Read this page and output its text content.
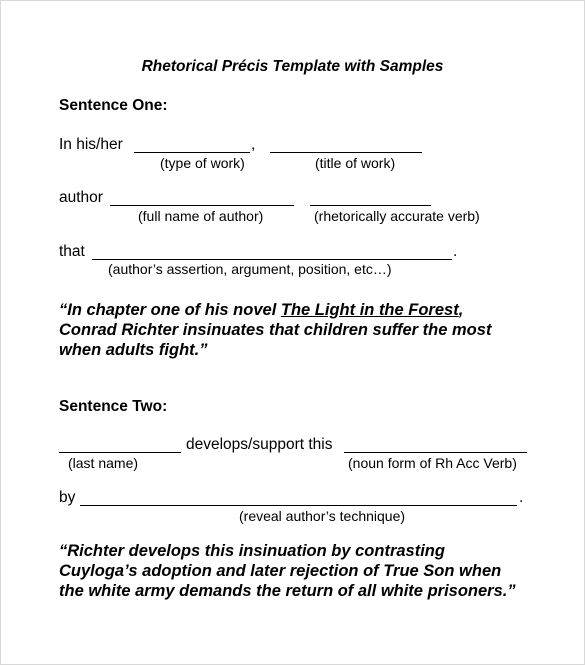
Rhetorical Précis Template with Samples
Sentence One:
In his/her	,
(type of work)	(title of work)
author
(full name of author)	(rhetorically accurate verb)
that	.
(author’s assertion, argument, position, etc…)
“In chapter one of his novel The Light in the Forest, Conrad Richter insinuates that children suffer the most when adults fight.”
Sentence Two:
develops/support this
(last name)	(noun form of Rh Acc Verb)
by	.
(reveal author’s technique)
“Richter develops this insinuation by contrasting Cuyloga’s adoption and later rejection of True Son when the white army demands the return of all white prisoners.”
